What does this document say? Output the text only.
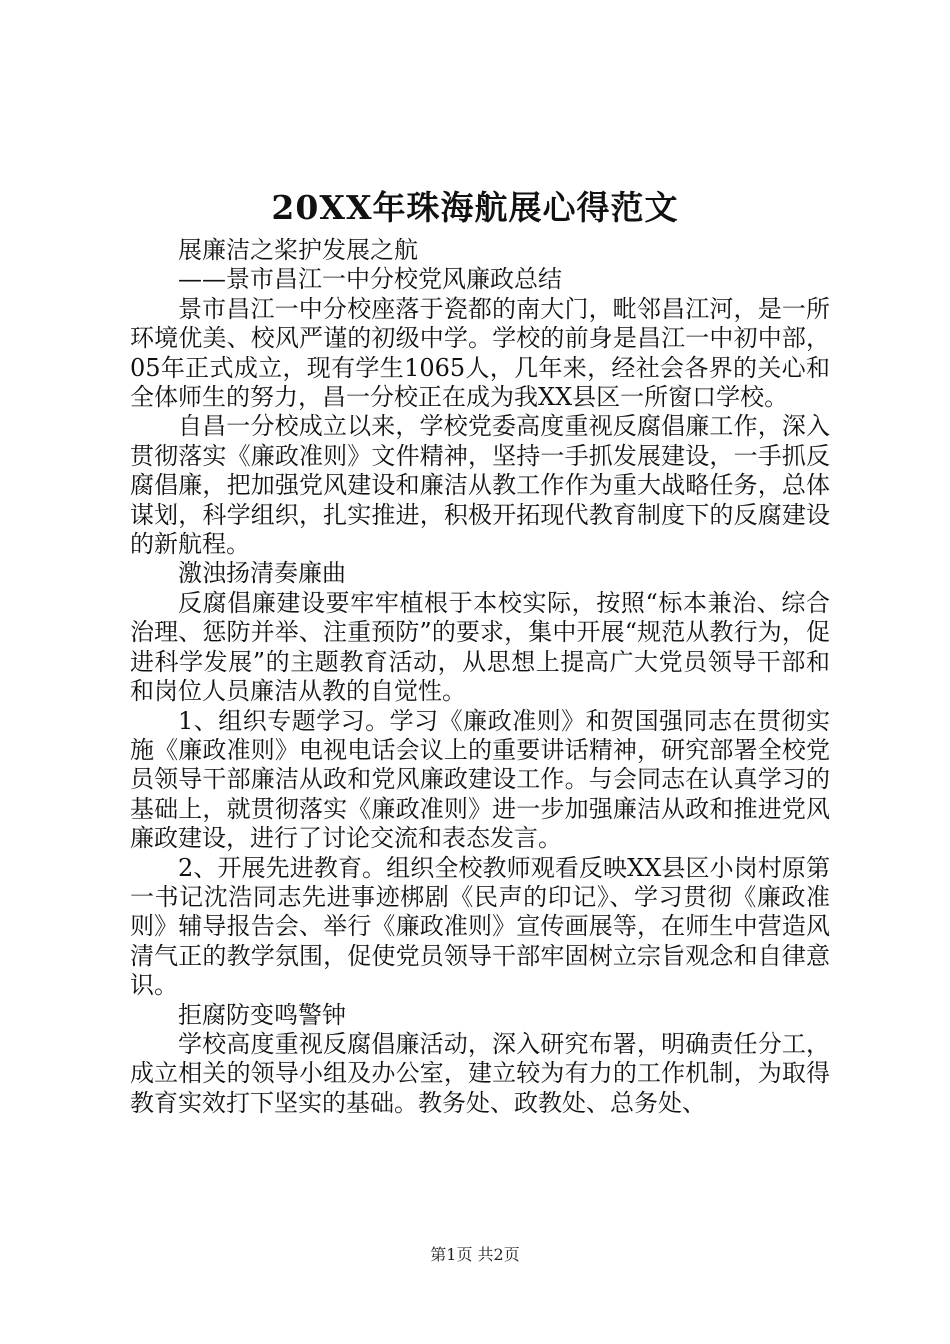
20XX年珠海航展心得范文

展廉洁之桨护发展之航

——景市昌江一中分校党风廉政总结

景市昌江一中分校座落于瓷都的南大门，毗邻昌江河，是一所环境优美、校风严谨的初级中学。学校的前身是昌江一中初中部，05年正式成立，现有学生1065人，几年来，经社会各界的关心和全体师生的努力，昌一分校正在成为我XX县区一所窗口学校。

自昌一分校成立以来，学校党委高度重视反腐倡廉工作，深入贯彻落实《廉政准则》文件精神，坚持一手抓发展建设，一手抓反腐倡廉，把加强党风建设和廉洁从教工作作为重大战略任务，总体谋划，科学组织，扎实推进，积极开拓现代教育制度下的反腐建设的新航程。

激浊扬清奏廉曲

反腐倡廉建设要牢牢植根于本校实际，按照“标本兼治、综合治理、惩防并举、注重预防”的要求，集中开展“规范从教行为，促进科学发展”的主题教育活动，从思想上提高广大党员领导干部和和岗位人员廉洁从教的自觉性。

1、组织专题学习。学习《廉政准则》和贺国强同志在贯彻实施《廉政准则》电视电话会议上的重要讲话精神，研究部署全校党员领导干部廉洁从政和党风廉政建设工作。与会同志在认真学习的基础上，就贯彻落实《廉政准则》进一步加强廉洁从政和推进党风廉政建设，进行了讨论交流和表态发言。

2、开展先进教育。组织全校教师观看反映XX县区小岗村原第一书记沈浩同志先进事迹梆剧《民声的印记》、学习贯彻《廉政准则》辅导报告会、举行《廉政准则》宣传画展等，在师生中营造风清气正的教学氛围，促使党员领导干部牢固树立宗旨观念和自律意识。

拒腐防变鸣警钟

学校高度重视反腐倡廉活动，深入研究布署，明确责任分工，成立相关的领导小组及办公室，建立较为有力的工作机制，为取得教育实效打下坚实的基础。教务处、政教处、总务处、

第1页 共2页
